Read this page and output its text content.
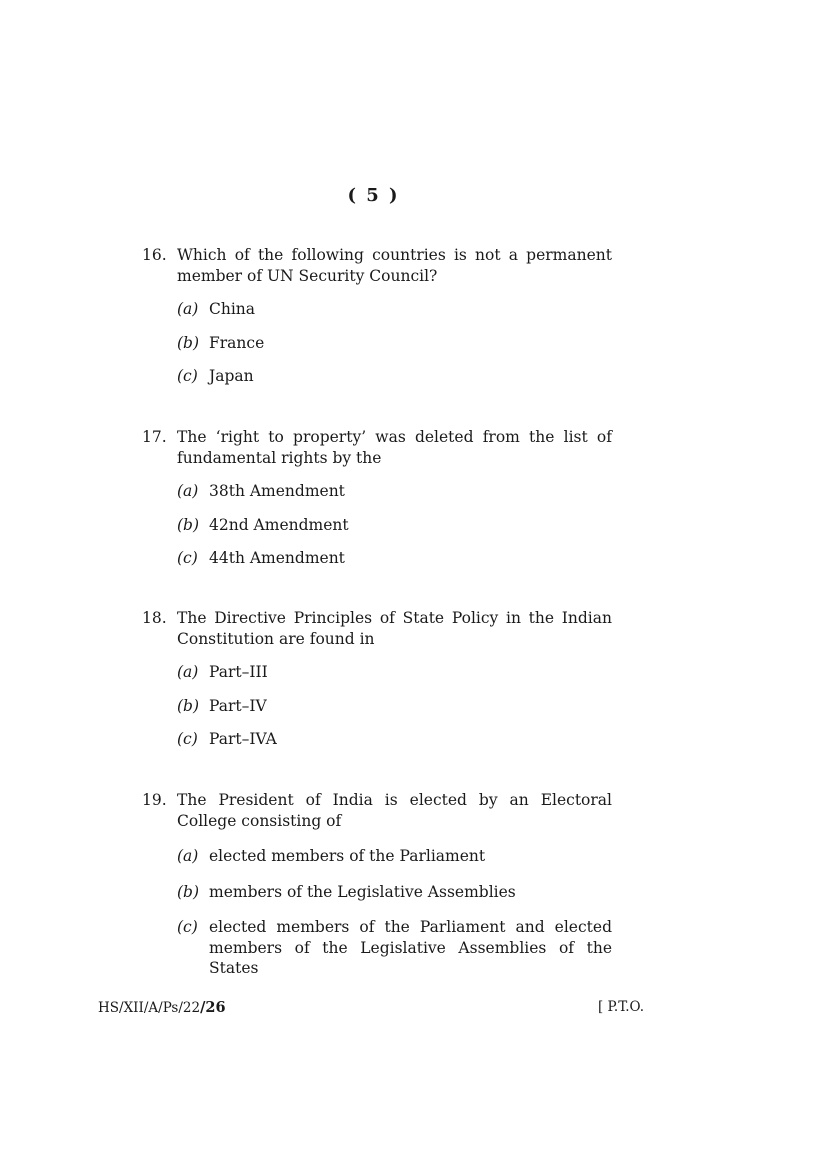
( 5 )
16. Which of the following countries is not a permanent member of UN Security Council?
(a) China
(b) France
(c) Japan
17. The ‘right to property’ was deleted from the list of fundamental rights by the
(a) 38th Amendment
(b) 42nd Amendment
(c) 44th Amendment
18. The Directive Principles of State Policy in the Indian Constitution are found in
(a) Part–III
(b) Part–IV
(c) Part–IVA
19. The President of India is elected by an Electoral College consisting of
(a) elected members of the Parliament
(b) members of the Legislative Assemblies
(c) elected members of the Parliament and elected members of the Legislative Assemblies of the States
HS/XII/A/Ps/22/26	[ P.T.O.
